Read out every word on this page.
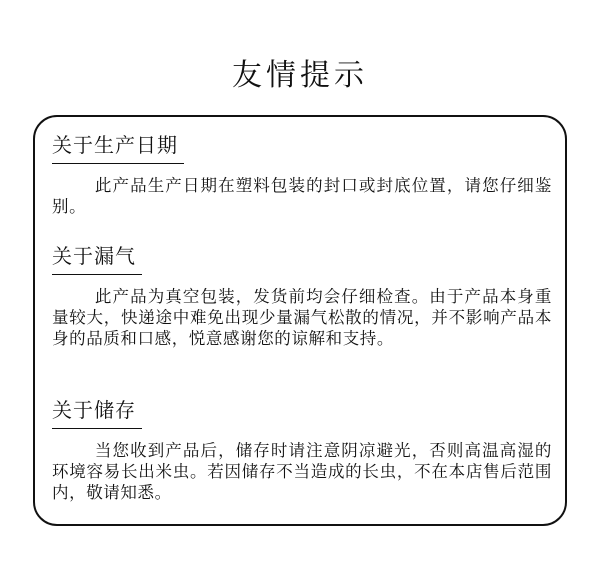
友情提示
关于生产日期
此产品生产日期在塑料包装的封口或封底位置，请您仔细鉴别。
关于漏气
此产品为真空包装，发货前均会仔细检查。由于产品本身重量较大，快递途中难免出现少量漏气松散的情况，并不影响产品本身的品质和口感，悦意感谢您的谅解和支持。
关于储存
当您收到产品后，储存时请注意阴凉避光，否则高温高湿的环境容易长出米虫。若因储存不当造成的长虫，不在本店售后范围内，敬请知悉。
